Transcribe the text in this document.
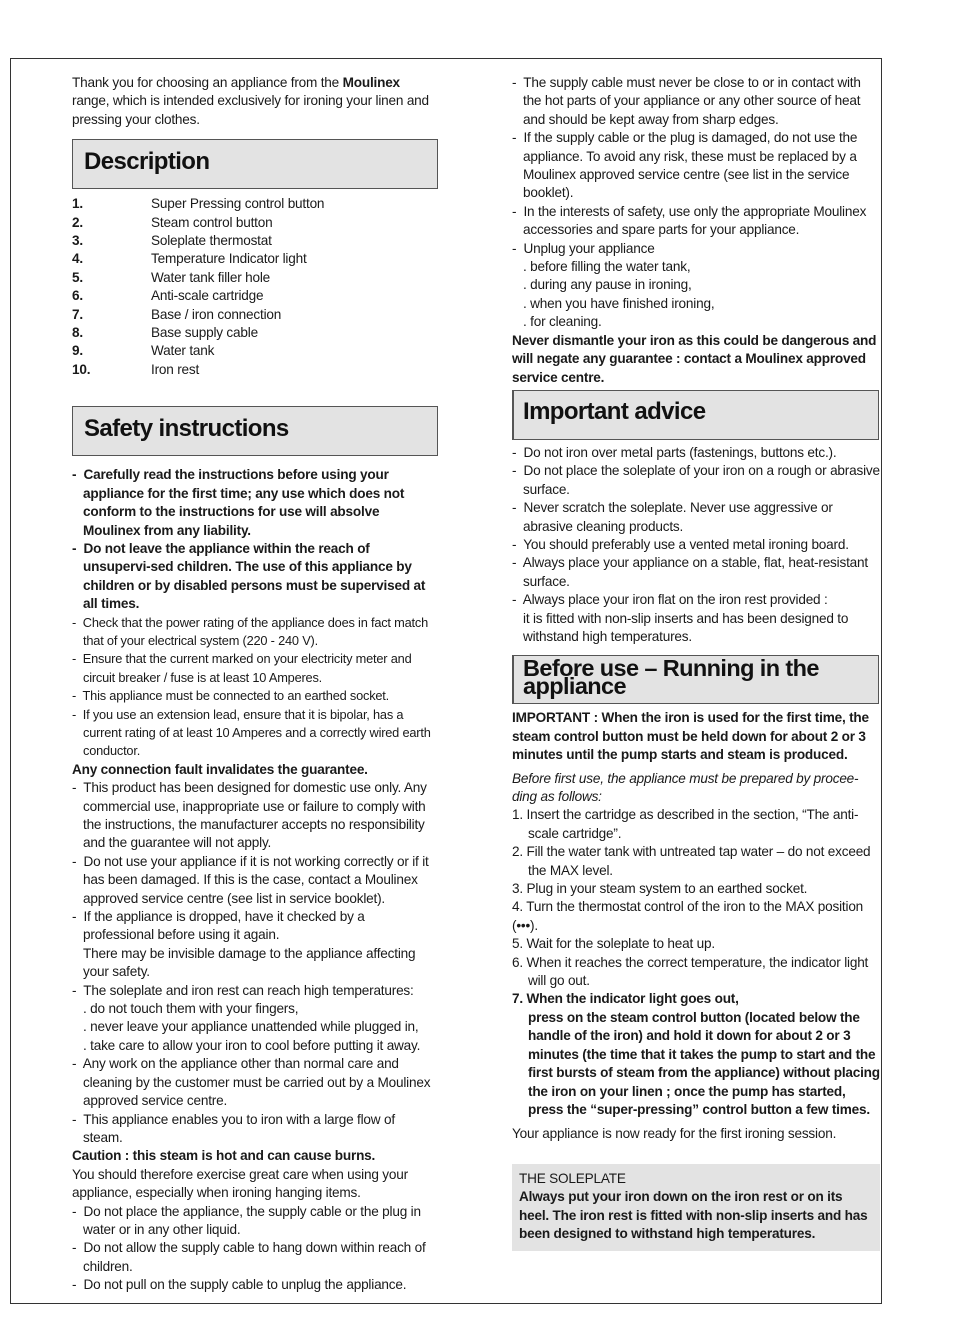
Thank you for choosing an appliance from the Moulinex range, which is intended exclusively for ironing your linen and pressing your clothes.

Description
1.	Super Pressing control button
2.	Steam control button
3.	Soleplate thermostat
4.	Temperature Indicator light
5.	Water tank filler hole
6.	Anti-scale cartridge
7.	Base / iron connection
8.	Base supply cable
9.	Water tank
10.	Iron rest
Safety instructions

-  Carefully read the instructions before using your appliance for the first time; any use which does not conform to the instructions for use will absolve Moulinex from any liability.

-  Do not leave the appliance within the reach of unsupervi-sed children. The use of this appliance by children or by disabled persons must be supervised at all times.

-  Check that the power rating of the appliance does in fact match that of your electrical system (220 - 240 V).

-  Ensure that the current marked on your electricity meter and circuit breaker / fuse is at least 10 Amperes.

-  This appliance must be connected to an earthed socket.

-  If you use an extension lead, ensure that it is bipolar, has a current rating of at least 10 Amperes and a correctly wired earth conductor.

Any connection fault invalidates the guarantee.

-  This product has been designed for domestic use only. Any commercial use, inappropriate use or failure to comply with the instructions, the manufacturer accepts no responsibility and the guarantee will not apply.

-  Do not use your appliance if it is not working correctly or if it has been damaged. If this is the case, contact a Moulinex approved service centre (see list in service booklet).

-  If the appliance is dropped, have it checked by a professional before using it again.

There may be invisible damage to the appliance affecting your safety.

-  The soleplate and iron rest can reach high temperatures:

. do not touch them with your fingers,

. never leave your appliance unattended while plugged in,

. take care to allow your iron to cool before putting it away.

-  Any work on the appliance other than normal care and cleaning by the customer must be carried out by a Moulinex approved service centre.

-  This appliance enables you to iron with a large flow of steam.

Caution : this steam is hot and can cause burns.

You should therefore exercise great care when using your appliance, especially when ironing hanging items.

-  Do not place the appliance, the supply cable or the plug in water or in any other liquid.

-  Do not allow the supply cable to hang down within reach of children.

-  Do not pull on the supply cable to unplug the appliance.

-  The supply cable must never be close to or in contact with the hot parts of your appliance or any other source of heat and should be kept away from sharp edges.

-  If the supply cable or the plug is damaged, do not use the appliance. To avoid any risk, these must be replaced by a Moulinex approved service centre (see list in the service booklet).

-  In the interests of safety, use only the appropriate Moulinex accessories and spare parts for your appliance.

-  Unplug your appliance

. before filling the water tank,

. during any pause in ironing,

. when you have finished ironing,

. for cleaning.

Never dismantle your iron as this could be dangerous and will negate any guarantee : contact a Moulinex approved service centre.

Important advice

-  Do not iron over metal parts (fastenings, buttons etc.).

-  Do not place the soleplate of your iron on a rough or abrasive surface.

-  Never scratch the soleplate. Never use aggressive or abrasive cleaning products.

-  You should preferably use a vented metal ironing board.

-  Always place your appliance on a stable, flat, heat-resistant surface.

-  Always place your iron flat on the iron rest provided :

it is fitted with non-slip inserts and has been designed to withstand high temperatures.

Before use – Running in the appliance

IMPORTANT : When the iron is used for the first time, the steam control button must be held down for about 2 or 3 minutes until the pump starts and steam is produced.

Before first use, the appliance must be prepared by procee-ding as follows:

1. Insert the cartridge as described in the section, “The anti-scale cartridge”.

2. Fill the water tank with untreated tap water – do not exceed the MAX level.

3. Plug in your steam system to an earthed socket.

4. Turn the thermostat control of the iron to the MAX position (•••).

5. Wait for the soleplate to heat up.

6. When it reaches the correct temperature, the indicator light will go out.

7. When the indicator light goes out,

press on the steam control button (located below the handle of the iron) and hold it down for about 2 or 3 minutes (the time that it takes the pump to start and the first bursts of steam from the appliance) without placing the iron on your linen ; once the pump has started, press the “super-pressing” control button a few times.

Your appliance is now ready for the first ironing session.

THE SOLEPLATE

Always put your iron down on the iron rest or on its heel. The iron rest is fitted with non-slip inserts and has been designed to withstand high temperatures.
